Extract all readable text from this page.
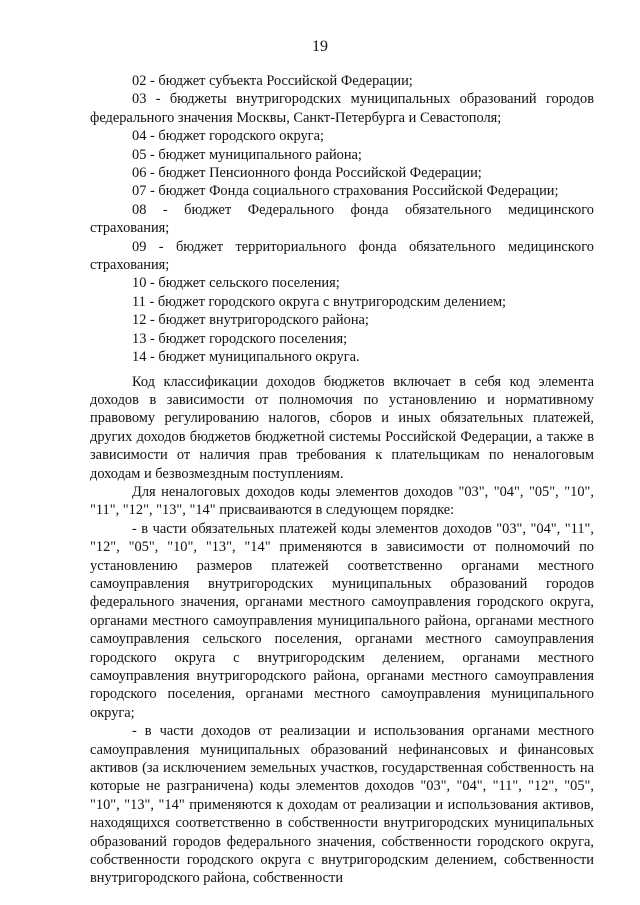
19

02 - бюджет субъекта Российской Федерации;

03 - бюджеты внутригородских муниципальных образований городов федерального значения Москвы, Санкт-Петербурга и Севастополя;

04 - бюджет городского округа;

05 - бюджет муниципального района;

06 - бюджет Пенсионного фонда Российской Федерации;

07 - бюджет Фонда социального страхования Российской Федерации;

08 - бюджет Федерального фонда обязательного медицинского страхования;

09 - бюджет территориального фонда обязательного медицинского страхования;

10 - бюджет сельского поселения;

11 - бюджет городского округа с внутригородским делением;

12 - бюджет внутригородского района;

13 - бюджет городского поселения;

14 - бюджет муниципального округа.

Код классификации доходов бюджетов включает в себя код элемента доходов в зависимости от полномочия по установлению и нормативному правовому регулированию налогов, сборов и иных обязательных платежей, других доходов бюджетов бюджетной системы Российской Федерации, а также в зависимости от наличия прав требования к плательщикам по неналоговым доходам и безвозмездным поступлениям.

Для неналоговых доходов коды элементов доходов "03", "04", "05", "10", "11", "12", "13", "14" присваиваются в следующем порядке:

- в части обязательных платежей коды элементов доходов "03", "04", "11", "12", "05", "10", "13", "14" применяются в зависимости от полномочий по установлению размеров платежей соответственно органами местного самоуправления внутригородских муниципальных образований городов федерального значения, органами местного самоуправления городского округа, органами местного самоуправления муниципального района, органами местного самоуправления сельского поселения, органами местного самоуправления городского округа с внутригородским делением, органами местного самоуправления внутригородского района, органами местного самоуправления городского поселения, органами местного самоуправления муниципального округа;

- в части доходов от реализации и использования органами местного самоуправления муниципальных образований нефинансовых и финансовых активов (за исключением земельных участков, государственная собственность на которые не разграничена) коды элементов доходов "03", "04", "11", "12", "05", "10", "13", "14" применяются к доходам от реализации и использования активов, находящихся соответственно в собственности внутригородских муниципальных образований городов федерального значения, собственности городского округа, собственности городского округа с внутригородским делением, собственности внутригородского района, собственности
